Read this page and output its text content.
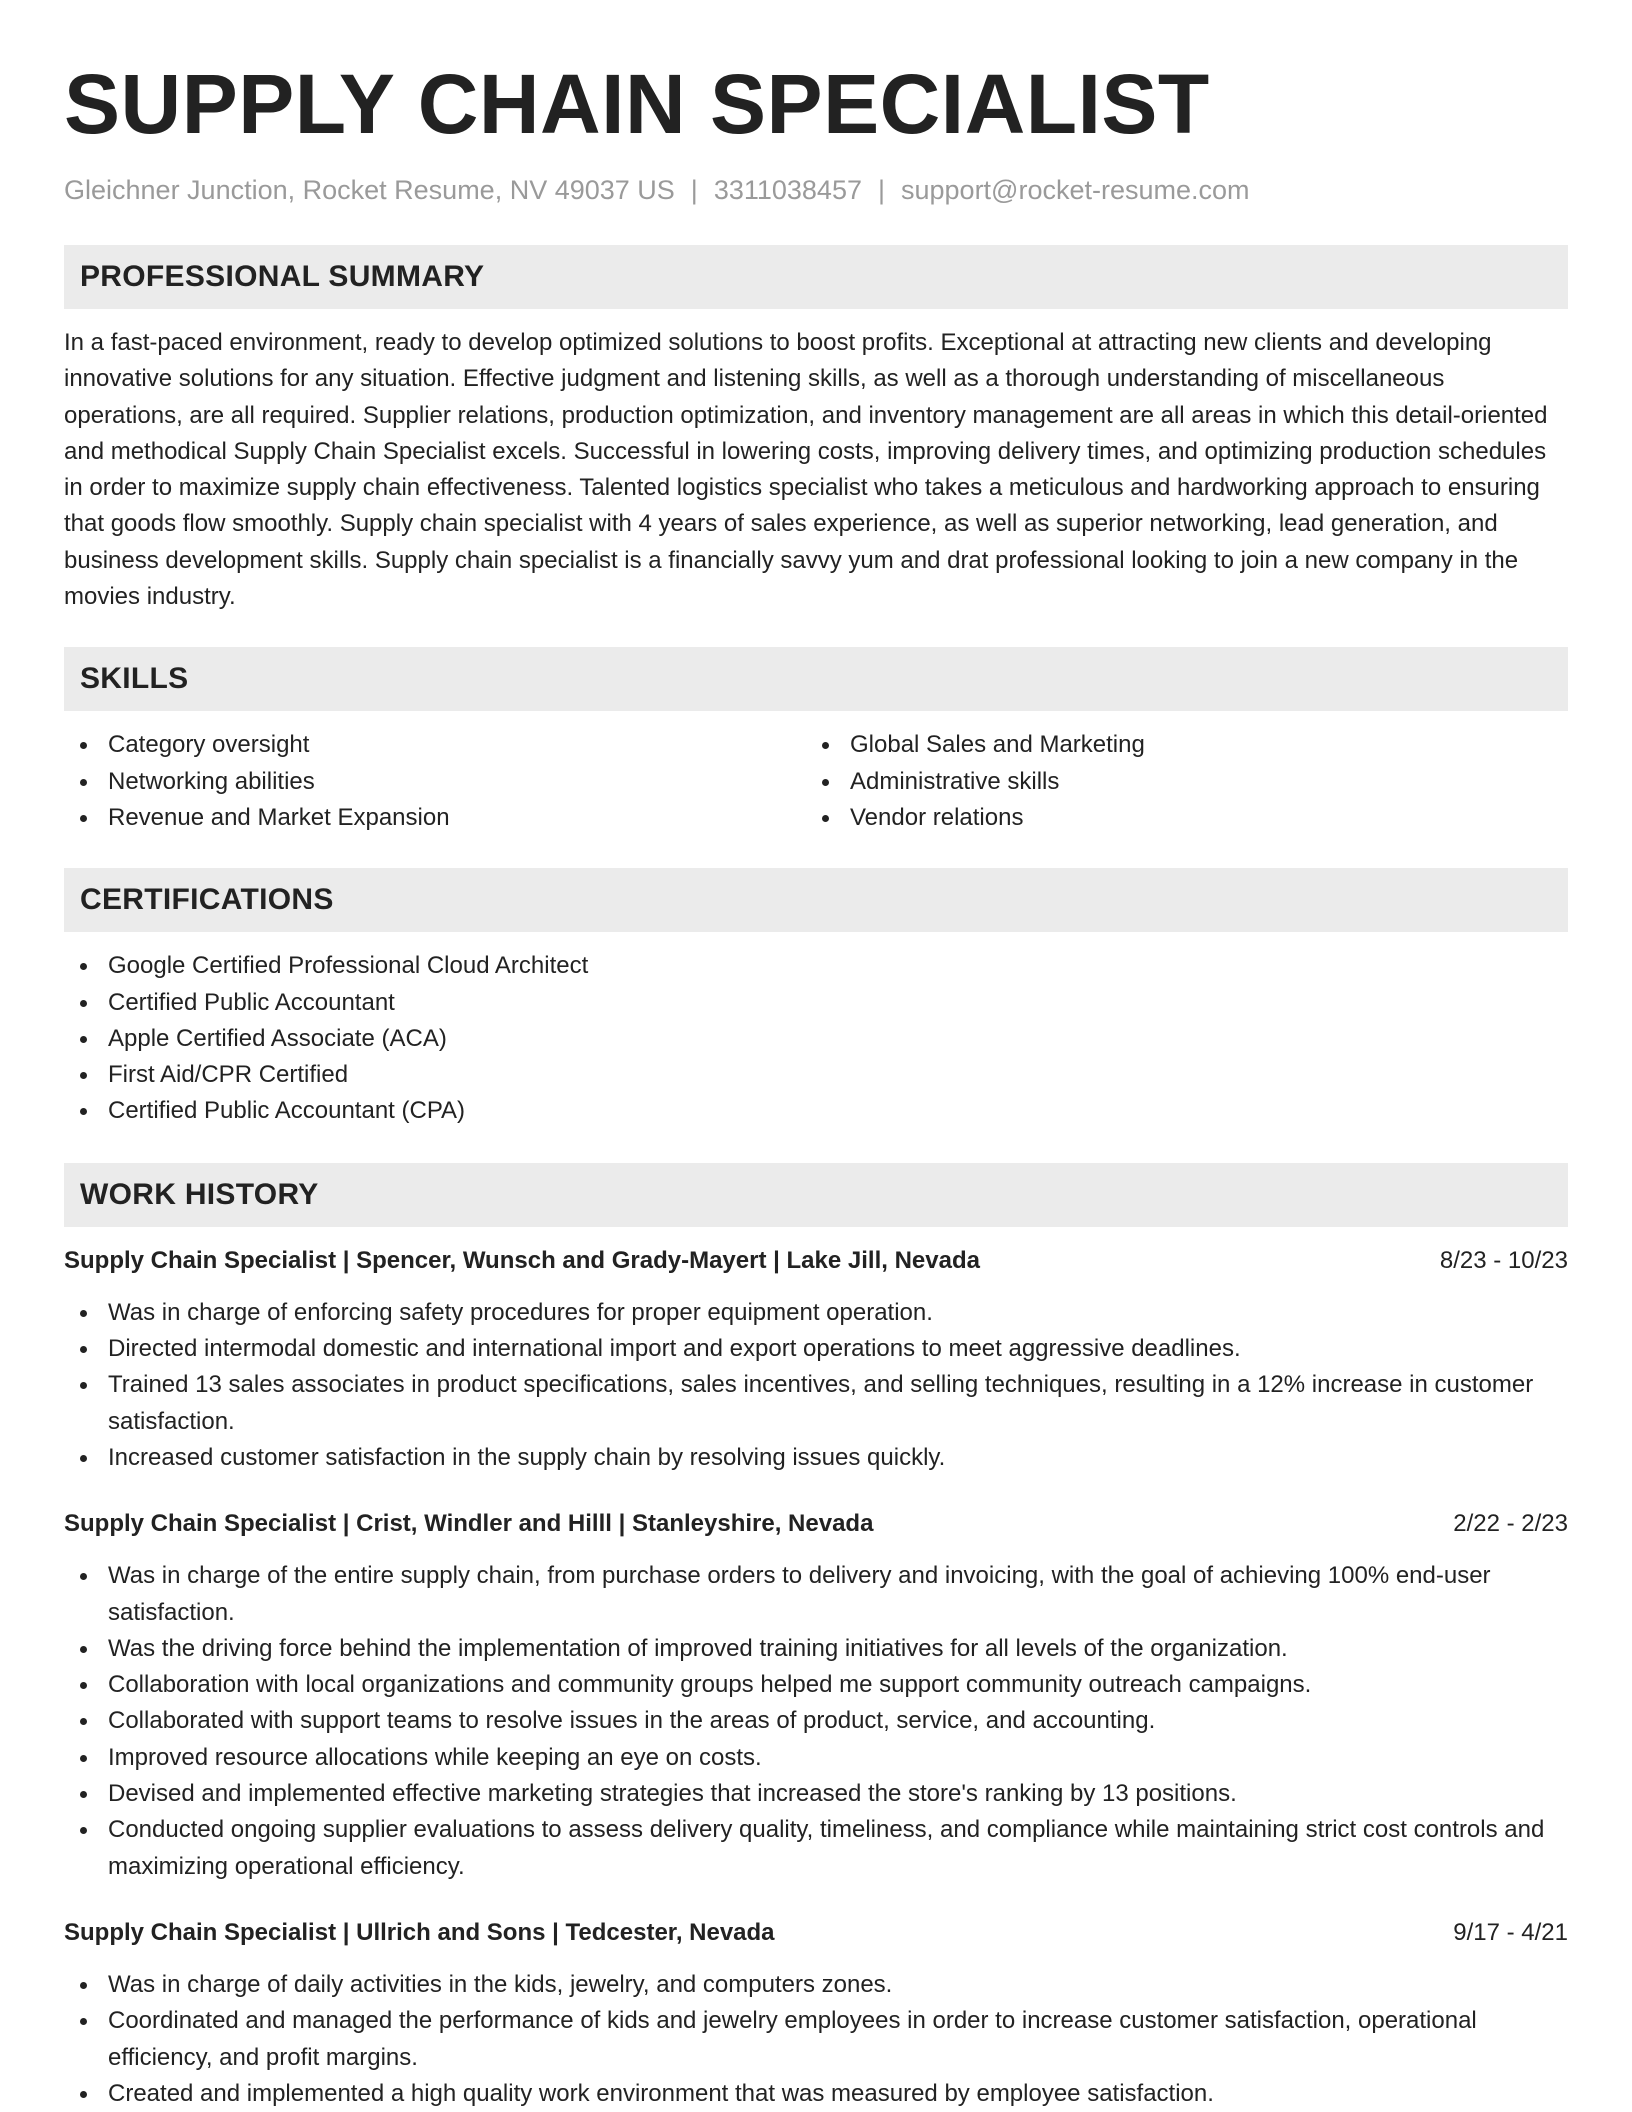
SUPPLY CHAIN SPECIALIST
Gleichner Junction, Rocket Resume, NV 49037 US | 3311038457 | support@rocket-resume.com
PROFESSIONAL SUMMARY

In a fast-paced environment, ready to develop optimized solutions to boost profits. Exceptional at attracting new clients and developing innovative solutions for any situation. Effective judgment and listening skills, as well as a thorough understanding of miscellaneous operations, are all required. Supplier relations, production optimization, and inventory management are all areas in which this detail-oriented and methodical Supply Chain Specialist excels. Successful in lowering costs, improving delivery times, and optimizing production schedules in order to maximize supply chain effectiveness. Talented logistics specialist who takes a meticulous and hardworking approach to ensuring that goods flow smoothly. Supply chain specialist with 4 years of sales experience, as well as superior networking, lead generation, and business development skills. Supply chain specialist is a financially savvy yum and drat professional looking to join a new company in the movies industry.

SKILLS
Category oversight
Networking abilities
Revenue and Market Expansion
Global Sales and Marketing
Administrative skills
Vendor relations
CERTIFICATIONS
Google Certified Professional Cloud Architect
Certified Public Accountant
Apple Certified Associate (ACA)
First Aid/CPR Certified
Certified Public Accountant (CPA)
WORK HISTORY
Supply Chain Specialist | Spencer, Wunsch and Grady-Mayert | Lake Jill, Nevada	8/23 - 10/23
Was in charge of enforcing safety procedures for proper equipment operation.
Directed intermodal domestic and international import and export operations to meet aggressive deadlines.
Trained 13 sales associates in product specifications, sales incentives, and selling techniques, resulting in a 12% increase in customer satisfaction.
Increased customer satisfaction in the supply chain by resolving issues quickly.
Supply Chain Specialist | Crist, Windler and Hilll | Stanleyshire, Nevada	2/22 - 2/23
Was in charge of the entire supply chain, from purchase orders to delivery and invoicing, with the goal of achieving 100% end-user satisfaction.
Was the driving force behind the implementation of improved training initiatives for all levels of the organization.
Collaboration with local organizations and community groups helped me support community outreach campaigns.
Collaborated with support teams to resolve issues in the areas of product, service, and accounting.
Improved resource allocations while keeping an eye on costs.
Devised and implemented effective marketing strategies that increased the store's ranking by 13 positions.
Conducted ongoing supplier evaluations to assess delivery quality, timeliness, and compliance while maintaining strict cost controls and maximizing operational efficiency.
Supply Chain Specialist | Ullrich and Sons | Tedcester, Nevada	9/17 - 4/21
Was in charge of daily activities in the kids, jewelry, and computers zones.
Coordinated and managed the performance of kids and jewelry employees in order to increase customer satisfaction, operational efficiency, and profit margins.
Created and implemented a high quality work environment that was measured by employee satisfaction.
